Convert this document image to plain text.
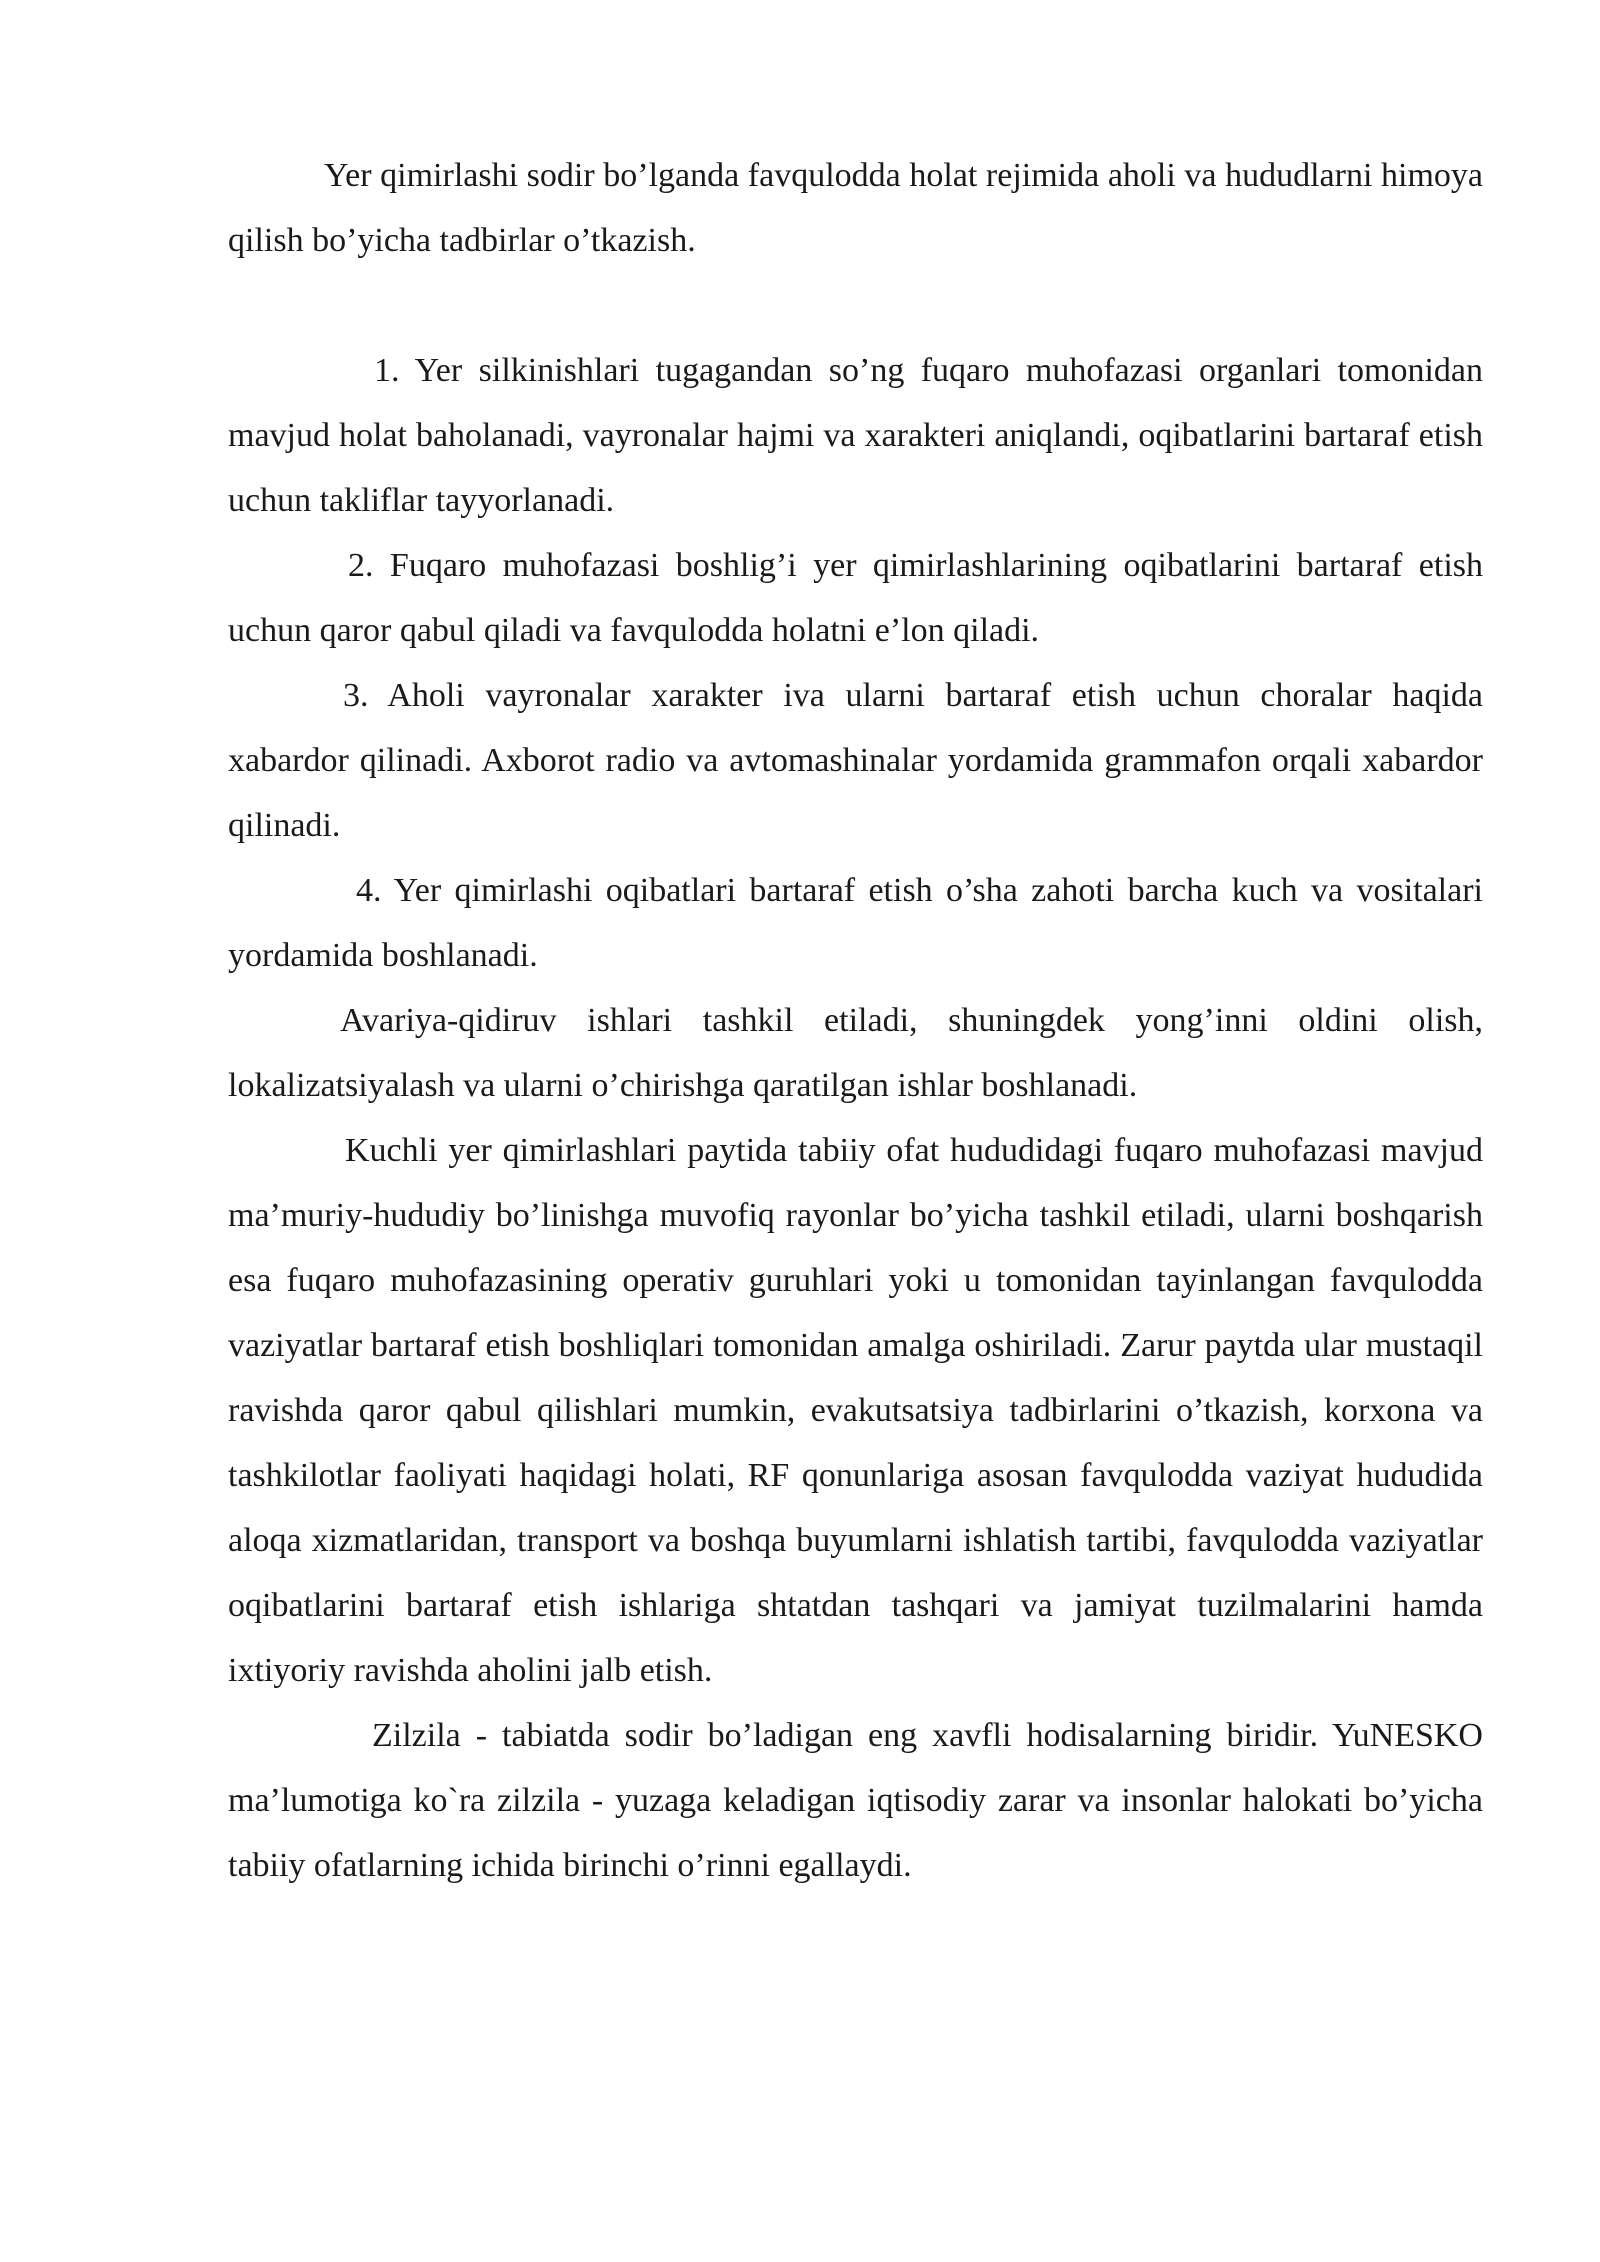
Yer qimirlashi sodir bo’lganda favqulodda holat rejimida aholi va hududlarni himoya qilish bo’yicha tadbirlar o’tkazish.

1. Yer silkinishlari tugagandan so’ng fuqaro muhofazasi organlari tomonidan mavjud holat baholanadi, vayronalar hajmi va xarakteri aniqlandi, oqibatlarini bartaraf etish uchun takliflar tayyorlanadi.

2. Fuqaro muhofazasi boshlig’i yer qimirlashlarining oqibatlarini bartaraf etish uchun qaror qabul qiladi va favqulodda holatni e’lon qiladi.

3. Aholi vayronalar xarakter iva ularni bartaraf etish uchun choralar haqida xabardor qilinadi. Axborot radio va avtomashinalar yordamida grammafon orqali xabardor qilinadi.

4. Yer qimirlashi oqibatlari bartaraf etish o’sha zahoti barcha kuch va vositalari yordamida boshlanadi.

Avariya-qidiruv ishlari tashkil etiladi, shuningdek yong’inni oldini olish, lokalizatsiyalash va ularni o’chirishga qaratilgan ishlar boshlanadi.

Kuchli yer qimirlashlari paytida tabiiy ofat hududidagi fuqaro muhofazasi mavjud ma’muriy-hududiy bo’linishga muvofiq rayonlar bo’yicha tashkil etiladi, ularni boshqarish esa fuqaro muhofazasining operativ guruhlari yoki u tomonidan tayinlangan favqulodda vaziyatlar bartaraf etish boshliqlari tomonidan amalga oshiriladi. Zarur paytda ular mustaqil ravishda qaror qabul qilishlari mumkin, evakutsatsiya tadbirlarini o’tkazish, korxona va tashkilotlar faoliyati haqidagi holati, RF qonunlariga asosan favqulodda vaziyat hududida aloqa xizmatlaridan, transport va boshqa buyumlarni ishlatish tartibi, favqulodda vaziyatlar oqibatlarini bartaraf etish ishlariga shtatdan tashqari va jamiyat tuzilmalarini hamda ixtiyoriy ravishda aholini jalb etish.

Zilzila - tabiatda sodir bo’ladigan eng xavfli hodisalarning biridir. YuNESKO ma’lumotiga ko`ra zilzila - yuzaga keladigan iqtisodiy zarar va insonlar halokati bo’yicha tabiiy ofatlarning ichida birinchi o’rinni egallaydi.
